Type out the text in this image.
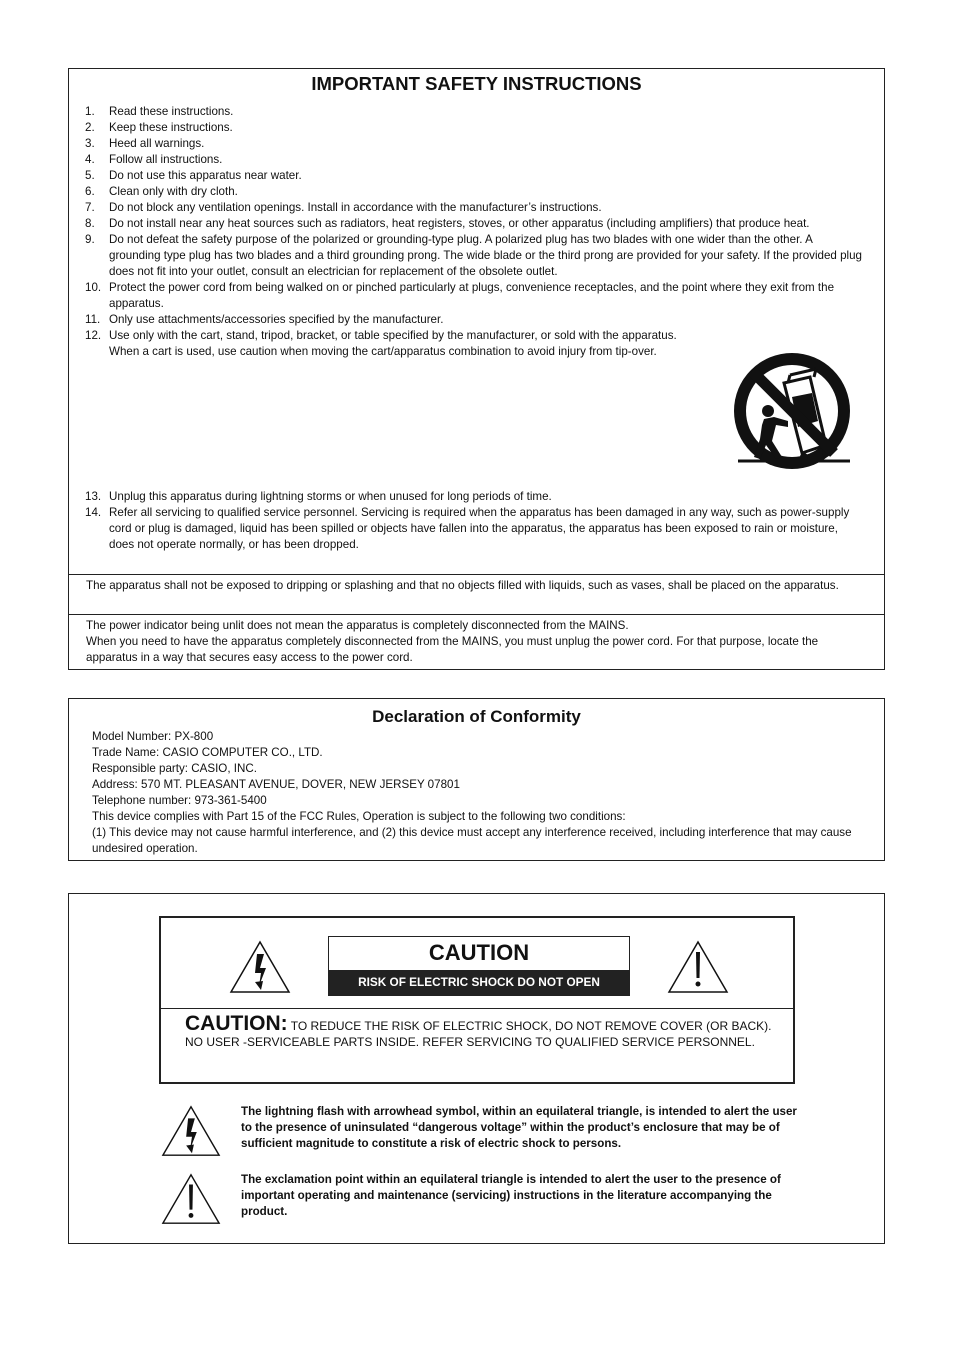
IMPORTANT SAFETY INSTRUCTIONS
1. Read these instructions.
2. Keep these instructions.
3. Heed all warnings.
4. Follow all instructions.
5. Do not use this apparatus near water.
6. Clean only with dry cloth.
7. Do not block any ventilation openings. Install in accordance with the manufacturer’s instructions.
8. Do not install near any heat sources such as radiators, heat registers, stoves, or other apparatus (including amplifiers) that produce heat.
9. Do not defeat the safety purpose of the polarized or grounding-type plug. A polarized plug has two blades with one wider than the other. A grounding type plug has two blades and a third grounding prong. The wide blade or the third prong are provided for your safety. If the provided plug does not fit into your outlet, consult an electrician for replacement of the obsolete outlet.
10. Protect the power cord from being walked on or pinched particularly at plugs, convenience receptacles, and the point where they exit from the apparatus.
11. Only use attachments/accessories specified by the manufacturer.
12. Use only with the cart, stand, tripod, bracket, or table specified by the manufacturer, or sold with the apparatus. When a cart is used, use caution when moving the cart/apparatus combination to avoid injury from tip-over.
13. Unplug this apparatus during lightning storms or when unused for long periods of time.
14. Refer all servicing to qualified service personnel. Servicing is required when the apparatus has been damaged in any way, such as power-supply cord or plug is damaged, liquid has been spilled or objects have fallen into the apparatus, the apparatus has been exposed to rain or moisture, does not operate normally, or has been dropped.
The apparatus shall not be exposed to dripping or splashing and that no objects filled with liquids, such as vases, shall be placed on the apparatus.
The power indicator being unlit does not mean the apparatus is completely disconnected from the MAINS.
When you need to have the apparatus completely disconnected from the MAINS, you must unplug the power cord. For that purpose, locate the apparatus in a way that secures easy access to the power cord.
Declaration of Conformity
Model Number: PX-800
Trade Name: CASIO COMPUTER CO., LTD.
Responsible party: CASIO, INC.
Address: 570 MT. PLEASANT AVENUE, DOVER, NEW JERSEY 07801
Telephone number: 973-361-5400
This device complies with Part 15 of the FCC Rules, Operation is subject to the following two conditions:
(1) This device may not cause harmful interference, and (2) this device must accept any interference received, including interference that may cause undesired operation.
CAUTION
RISK OF ELECTRIC SHOCK DO NOT OPEN
CAUTION: TO REDUCE THE RISK OF ELECTRIC SHOCK, DO NOT REMOVE COVER (OR BACK). NO USER -SERVICEABLE PARTS INSIDE. REFER SERVICING TO QUALIFIED SERVICE PERSONNEL.
The lightning flash with arrowhead symbol, within an equilateral triangle, is intended to alert the user to the presence of uninsulated “dangerous voltage” within the product’s enclosure that may be of sufficient magnitude to constitute a risk of electric shock to persons.
The exclamation point within an equilateral triangle is intended to alert the user to the presence of important operating and maintenance (servicing) instructions in the literature accompanying the product.
